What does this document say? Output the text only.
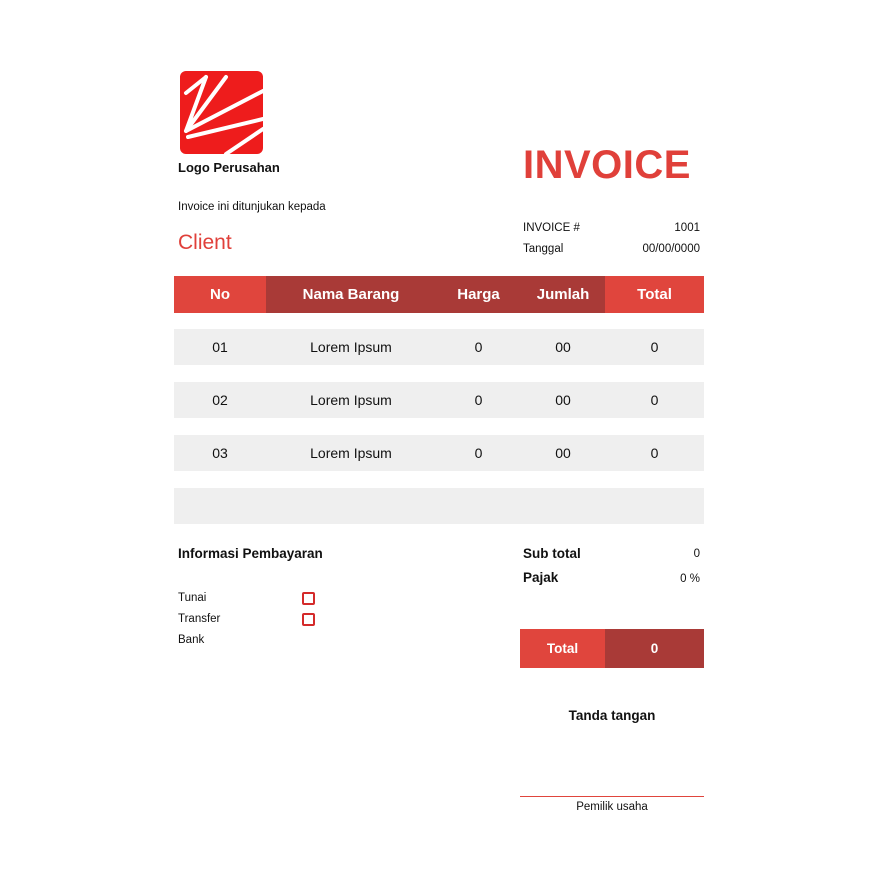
Logo Perusahan	INVOICE
Invoice ini ditunjukan kepada
Client
INVOICE #	1001
Tanggal	00/00/0000
No	Nama Barang	Harga	Jumlah	Total
01	Lorem Ipsum	0	00	0
02	Lorem Ipsum	0	00	0
03	Lorem Ipsum	0	00	0
Informasi Pembayaran
Tunai
Transfer
Bank
Sub total	0
Pajak	0 %
Total	0
Tanda tangan
Pemilik usaha
